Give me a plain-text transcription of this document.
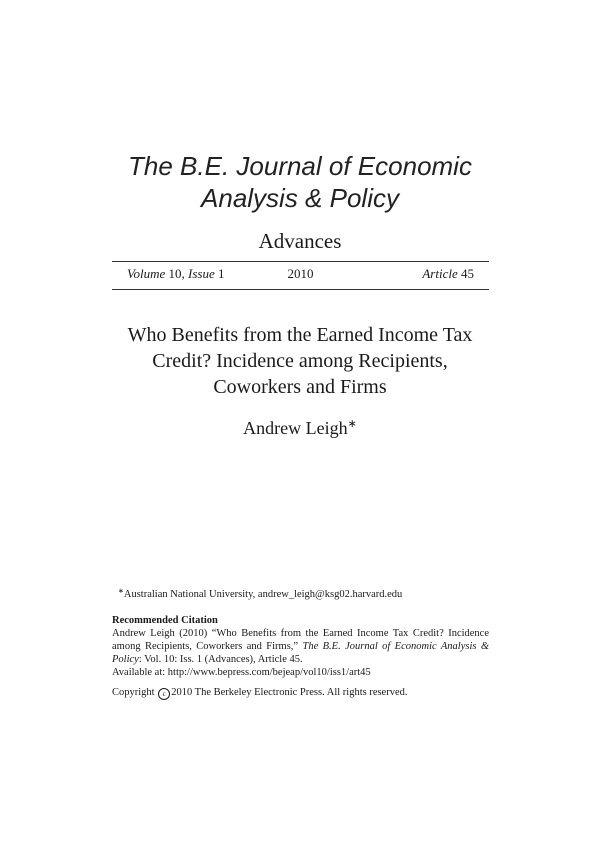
The B.E. Journal of Economic
Analysis & Policy
Advances
Volume 10, Issue 1	2010	Article 45
Who Benefits from the Earned Income Tax
Credit? Incidence among Recipients,
Coworkers and Firms
Andrew Leigh∗
∗Australian National University, andrew_leigh@ksg02.harvard.edu
Recommended Citation
Andrew Leigh (2010) “Who Benefits from the Earned Income Tax Credit? Incidence among Recipients, Coworkers and Firms,” The B.E. Journal of Economic Analysis & Policy: Vol. 10: Iss. 1 (Advances), Article 45.
Available at: http://www.bepress.com/bejeap/vol10/iss1/art45
Copyright c 2010 The Berkeley Electronic Press. All rights reserved.
